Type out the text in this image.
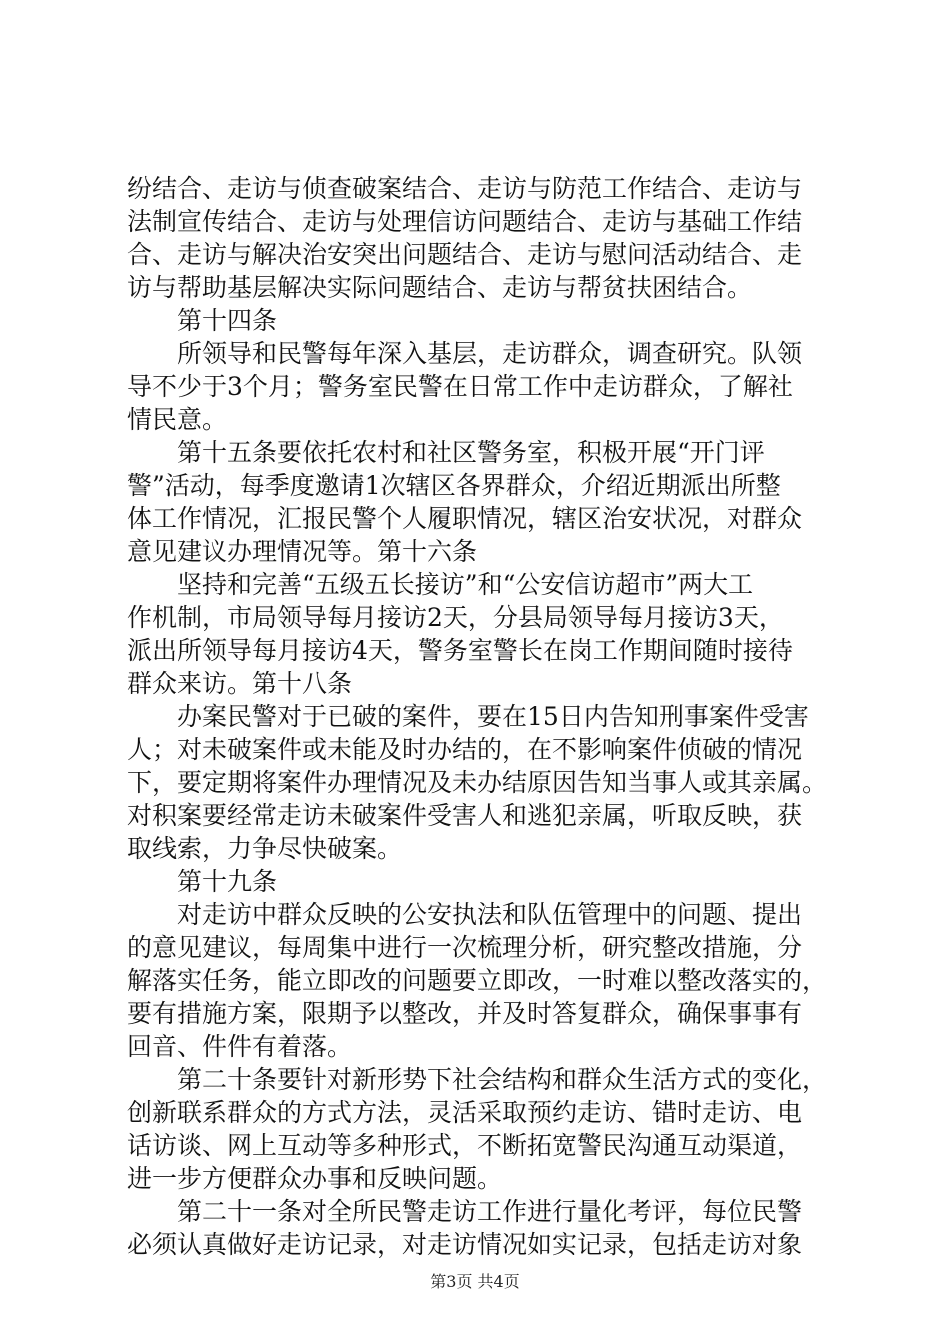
纷结合、走访与侦查破案结合、走访与防范工作结合、走访与
法制宣传结合、走访与处理信访问题结合、走访与基础工作结
合、走访与解决治安突出问题结合、走访与慰问活动结合、走
访与帮助基层解决实际问题结合、走访与帮贫扶困结合。
　　第十四条
　　所领导和民警每年深入基层，走访群众，调查研究。队领
导不少于3个月；警务室民警在日常工作中走访群众，了解社
情民意。
　　第十五条要依托农村和社区警务室，积极开展“开门评
警”活动，每季度邀请1次辖区各界群众，介绍近期派出所整
体工作情况，汇报民警个人履职情况，辖区治安状况，对群众
意见建议办理情况等。第十六条
　　坚持和完善“五级五长接访”和“公安信访超市”两大工
作机制，市局领导每月接访2天，分县局领导每月接访3天，
派出所领导每月接访4天，警务室警长在岗工作期间随时接待
群众来访。第十八条
　　办案民警对于已破的案件，要在15日内告知刑事案件受害
人；对未破案件或未能及时办结的，在不影响案件侦破的情况
下，要定期将案件办理情况及未办结原因告知当事人或其亲属。
对积案要经常走访未破案件受害人和逃犯亲属，听取反映，获
取线索，力争尽快破案。
　　第十九条
　　对走访中群众反映的公安执法和队伍管理中的问题、提出
的意见建议，每周集中进行一次梳理分析，研究整改措施，分
解落实任务，能立即改的问题要立即改，一时难以整改落实的，
要有措施方案，限期予以整改，并及时答复群众，确保事事有
回音、件件有着落。
　　第二十条要针对新形势下社会结构和群众生活方式的变化，
创新联系群众的方式方法，灵活采取预约走访、错时走访、电
话访谈、网上互动等多种形式，不断拓宽警民沟通互动渠道，
进一步方便群众办事和反映问题。
　　第二十一条对全所民警走访工作进行量化考评，每位民警
必须认真做好走访记录，对走访情况如实记录，包括走访对象
第3页 共4页
